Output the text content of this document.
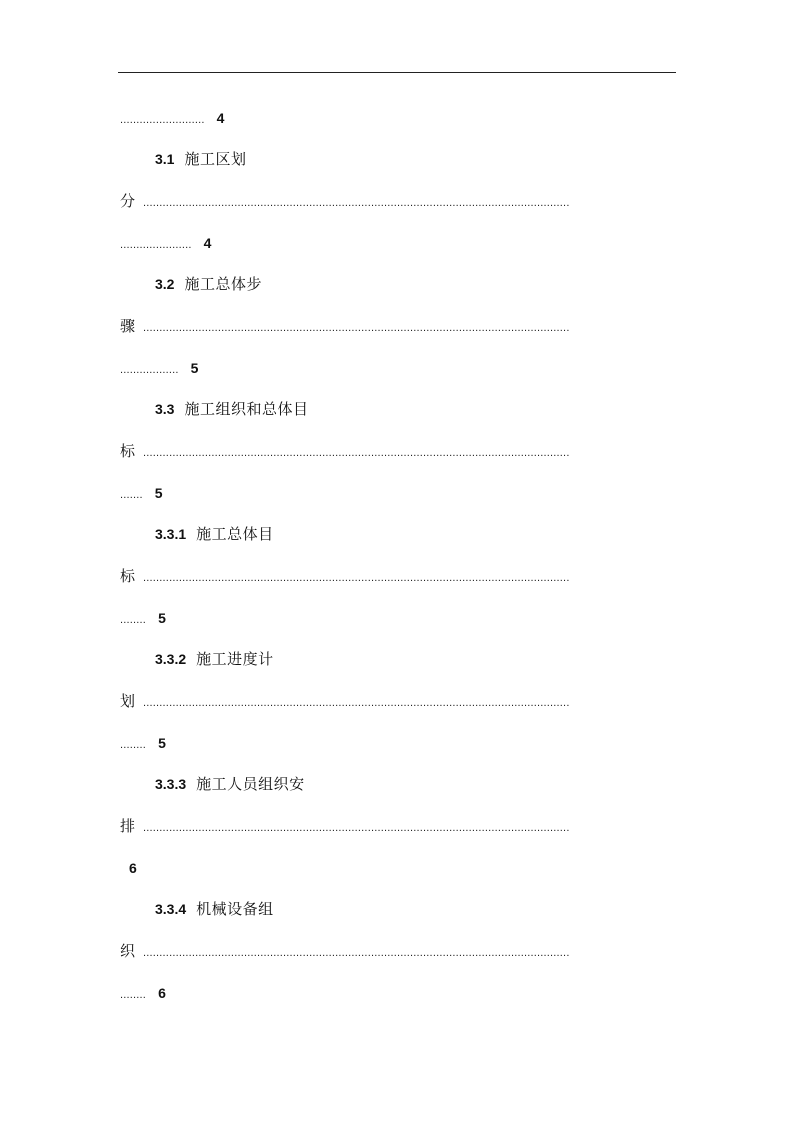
.......................... 4
3.1 施工区划
分 ...................................................................................................................................
...................... 4
3.2 施工总体步
骤 ...................................................................................................................................
.................. 5
3.3 施工组织和总体目
标 ...................................................................................................................................
....... 5
3.3.1 施工总体目
标 ...................................................................................................................................
........ 5
3.3.2 施工进度计
划 ...................................................................................................................................
........ 5
3.3.3 施工人员组织安
排 ...................................................................................................................................
6
3.3.4 机械设备组
织 ...................................................................................................................................
........ 6
